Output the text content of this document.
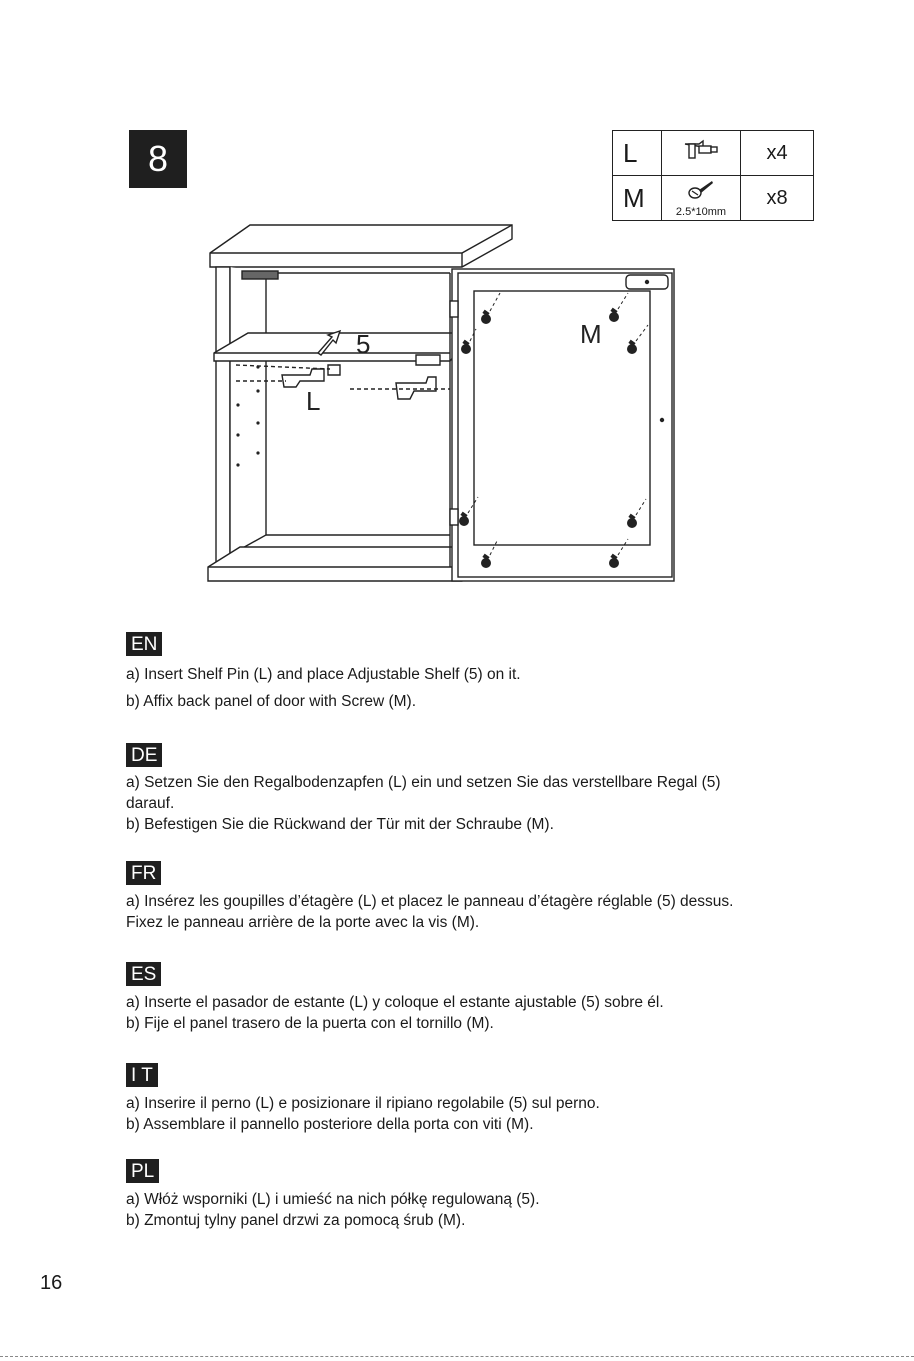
8	L		x4
M	2.5*10mm	x8
5
L
M
EN

a) Insert Shelf Pin (L) and place Adjustable Shelf (5) on it.

b) Affix back panel of door with Screw (M).

DE

a) Setzen Sie den Regalbodenzapfen (L) ein und setzen Sie das verstellbare Regal (5)

darauf.

b) Befestigen Sie die Rückwand der Tür mit der Schraube (M).

FR

a) Insérez les goupilles d’étagère (L) et placez le panneau d’étagère réglable (5) dessus.

Fixez le panneau arrière de la porte avec la vis (M).

ES

a) Inserte el pasador de estante (L) y coloque el estante ajustable (5) sobre él.

b) Fije el panel trasero de la puerta con el tornillo (M).

I T

a) Inserire il perno (L) e posizionare il ripiano regolabile (5) sul perno.

b) Assemblare il pannello posteriore della porta con viti (M).

PL

a) Włóż wsporniki (L) i umieść na nich półkę regulowaną (5).

b) Zmontuj tylny panel drzwi za pomocą śrub (M).

16
